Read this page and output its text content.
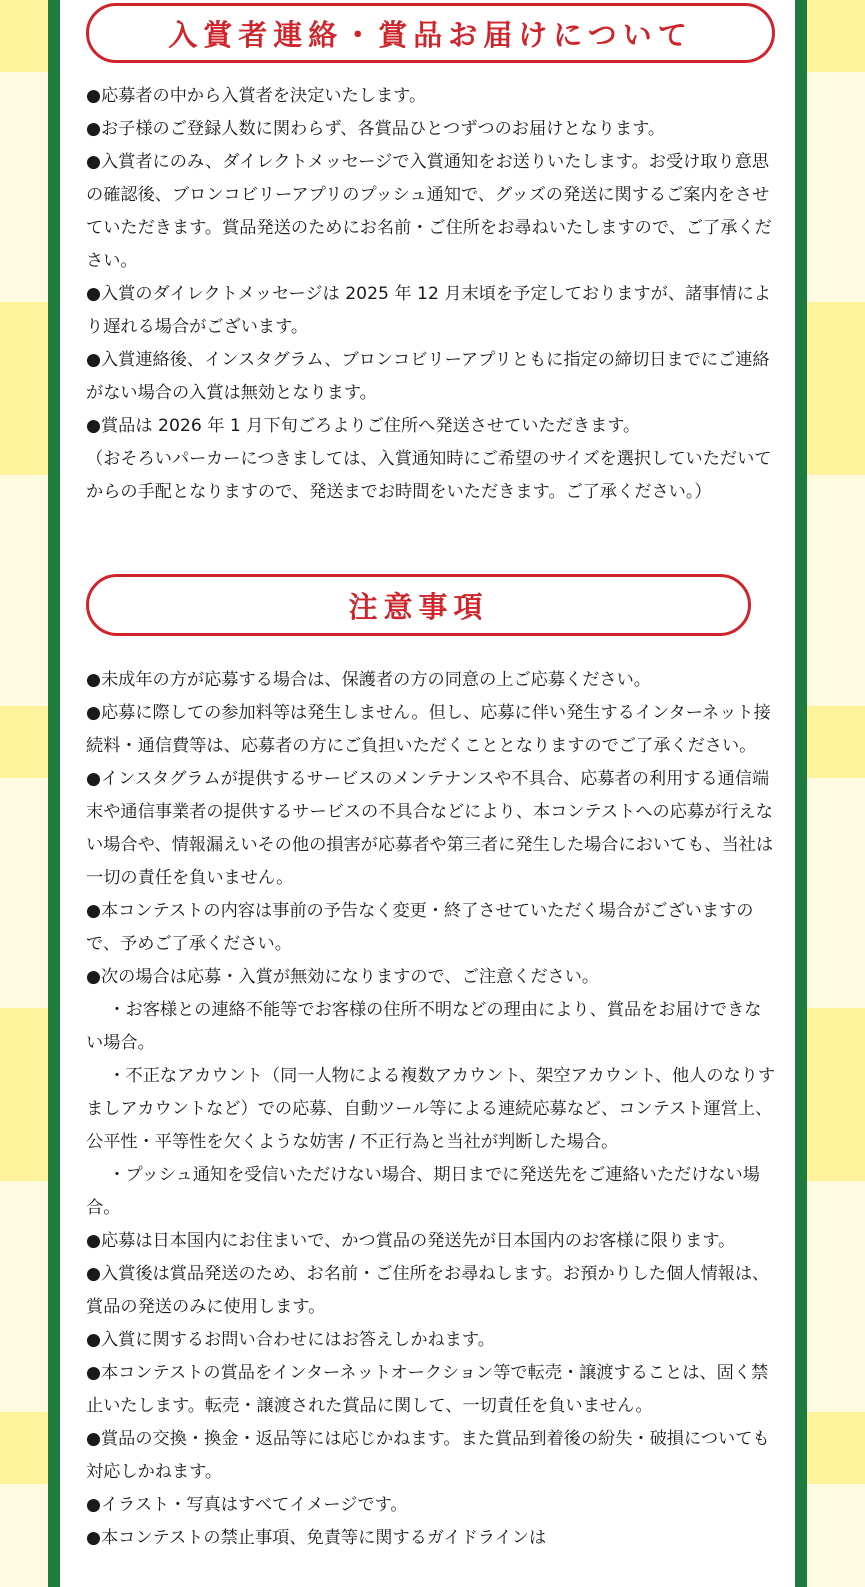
入賞者連絡・賞品お届けについて

●応募者の中から入賞者を決定いたします。

●お子様のご登録人数に関わらず、各賞品ひとつずつのお届けとなります。

●入賞者にのみ、ダイレクトメッセージで入賞通知をお送りいたします。お受け取り意思の確認後、ブロンコビリーアプリのプッシュ通知で、グッズの発送に関するご案内をさせていただきます。賞品発送のためにお名前・ご住所をお尋ねいたしますので、ご了承ください。

●入賞のダイレクトメッセージは 2025 年 12 月末頃を予定しておりますが、諸事情により遅れる場合がございます。

●入賞連絡後、インスタグラム、ブロンコビリーアプリともに指定の締切日までにご連絡がない場合の入賞は無効となります。

●賞品は 2026 年 1 月下旬ごろよりご住所へ発送させていただきます。

（おそろいパーカーにつきましては、入賞通知時にご希望のサイズを選択していただいてからの手配となりますので、発送までお時間をいただきます。ご了承ください。）

注意事項

●未成年の方が応募する場合は、保護者の方の同意の上ご応募ください。

●応募に際しての参加料等は発生しません。但し、応募に伴い発生するインターネット接続料・通信費等は、応募者の方にご負担いただくこととなりますのでご了承ください。

●インスタグラムが提供するサービスのメンテナンスや不具合、応募者の利用する通信端末や通信事業者の提供するサービスの不具合などにより、本コンテストへの応募が行えない場合や、情報漏えいその他の損害が応募者や第三者に発生した場合においても、当社は一切の責任を負いません。

●本コンテストの内容は事前の予告なく変更・終了させていただく場合がございますので、予めご了承ください。

●次の場合は応募・入賞が無効になりますので、ご注意ください。

・お客様との連絡不能等でお客様の住所不明などの理由により、賞品をお届けできない場合。

・不正なアカウント（同一人物による複数アカウント、架空アカウント、他人のなりすましアカウントなど）での応募、自動ツール等による連続応募など、コンテスト運営上、公平性・平等性を欠くような妨害 / 不正行為と当社が判断した場合。

・プッシュ通知を受信いただけない場合、期日までに発送先をご連絡いただけない場合。

●応募は日本国内にお住まいで、かつ賞品の発送先が日本国内のお客様に限ります。

●入賞後は賞品発送のため、お名前・ご住所をお尋ねします。お預かりした個人情報は、賞品の発送のみに使用します。

●入賞に関するお問い合わせにはお答えしかねます。

●本コンテストの賞品をインターネットオークション等で転売・譲渡することは、固く禁止いたします。転売・譲渡された賞品に関して、一切責任を負いません。

●賞品の交換・換金・返品等には応じかねます。また賞品到着後の紛失・破損についても対応しかねます。

●イラスト・写真はすべてイメージです。

●本コンテストの禁止事項、免責等に関するガイドラインは
